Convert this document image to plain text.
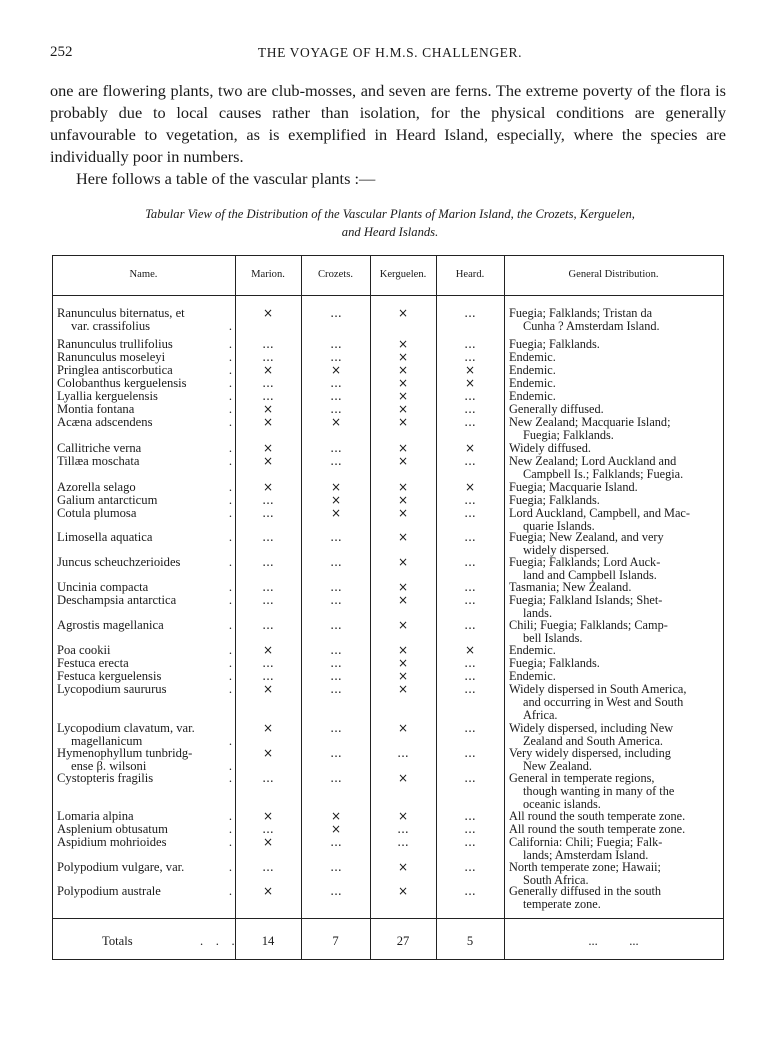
252	THE VOYAGE OF H.M.S. CHALLENGER.

one are flowering plants, two are club-mosses, and seven are ferns. The extreme poverty of the flora is probably due to local causes rather than isolation, for the physical conditions are generally unfavourable to vegetation, as is exemplified in Heard Island, especially, where the species are individually poor in numbers.

Here follows a table of the vascular plants :—

Tabular View of the Distribution of the Vascular Plants of Marion Island, the Crozets, Kerguelen,
and Heard Islands.
Name.	Marion.	Crozets.	Kerguelen.	Heard.	General Distribution.
Ranunculus biternatus, et
var. crassifolius	.
×	...	×	...	Fuegia; Falklands; Tristan da
Cunha ? Amsterdam Island.
Ranunculus trullifolius	.	...	...	×	...	Fuegia; Falklands.
Ranunculus moseleyi	.	...	...	×	...	Endemic.
Pringlea antiscorbutica	.	×	×	×	×	Endemic.
Colobanthus kerguelensis	.	...	...	×	×	Endemic.
Lyallia kerguelensis	.	...	...	×	...	Endemic.
Montia fontana	.	×	...	×	...	Generally diffused.
Acæna adscendens	.	×	×	×	...	New Zealand; Macquarie Island;
Fuegia; Falklands.
Callitriche verna	.	×	...	×	×	Widely diffused.
Tillæa moschata	.	×	...	×	...	New Zealand; Lord Auckland and
Campbell Is.; Falklands; Fuegia.
Azorella selago	.	×	×	×	×	Fuegia; Macquarie Island.
Galium antarcticum	.	...	×	×	...	Fuegia; Falklands.
Cotula plumosa	.	...	×	×	...	Lord Auckland, Campbell, and Mac-
quarie Islands.
Limosella aquatica	.	...	...	×	...	Fuegia; New Zealand, and very
widely dispersed.
Juncus scheuchzerioides	.	...	...	×	...	Fuegia; Falklands; Lord Auck-
land and Campbell Islands.
Uncinia compacta	.	...	...	×	...	Tasmania; New Zealand.
Deschampsia antarctica	.	...	...	×	...	Fuegia; Falkland Islands; Shet-
lands.
Agrostis magellanica	.	...	...	×	...	Chili; Fuegia; Falklands; Camp-
bell Islands.
Poa cookii	.	×	...	×	×	Endemic.
Festuca erecta	.	...	...	×	...	Fuegia; Falklands.
Festuca kerguelensis	.	...	...	×	...	Endemic.
Lycopodium saururus	.	×	...	×	...	Widely dispersed in South America,
and occurring in West and South
Africa.
Lycopodium clavatum, var.
magellanicum	.
×	...	×	...	Widely dispersed, including New
Zealand and South America.
Hymenophyllum tunbridg-
ense β. wilsoni	.
×	...	...	...	Very widely dispersed, including
New Zealand.
Cystopteris fragilis	.	...	...	×	...	General in temperate regions,
though wanting in many of the
oceanic islands.
Lomaria alpina	.	×	×	×	...	All round the south temperate zone.
Asplenium obtusatum	.	...	×	...	...	All round the south temperate zone.
Aspidium mohrioides	.	×	...	...	...	California: Chili; Fuegia; Falk-
lands; Amsterdam Island.
Polypodium vulgare, var.	.	...	...	×	...	North temperate zone; Hawaii;
South Africa.
Polypodium australe	.	×	...	×	...	Generally diffused in the south
temperate zone.
Totals	.    .    .	14	7	27	5	...          ...
